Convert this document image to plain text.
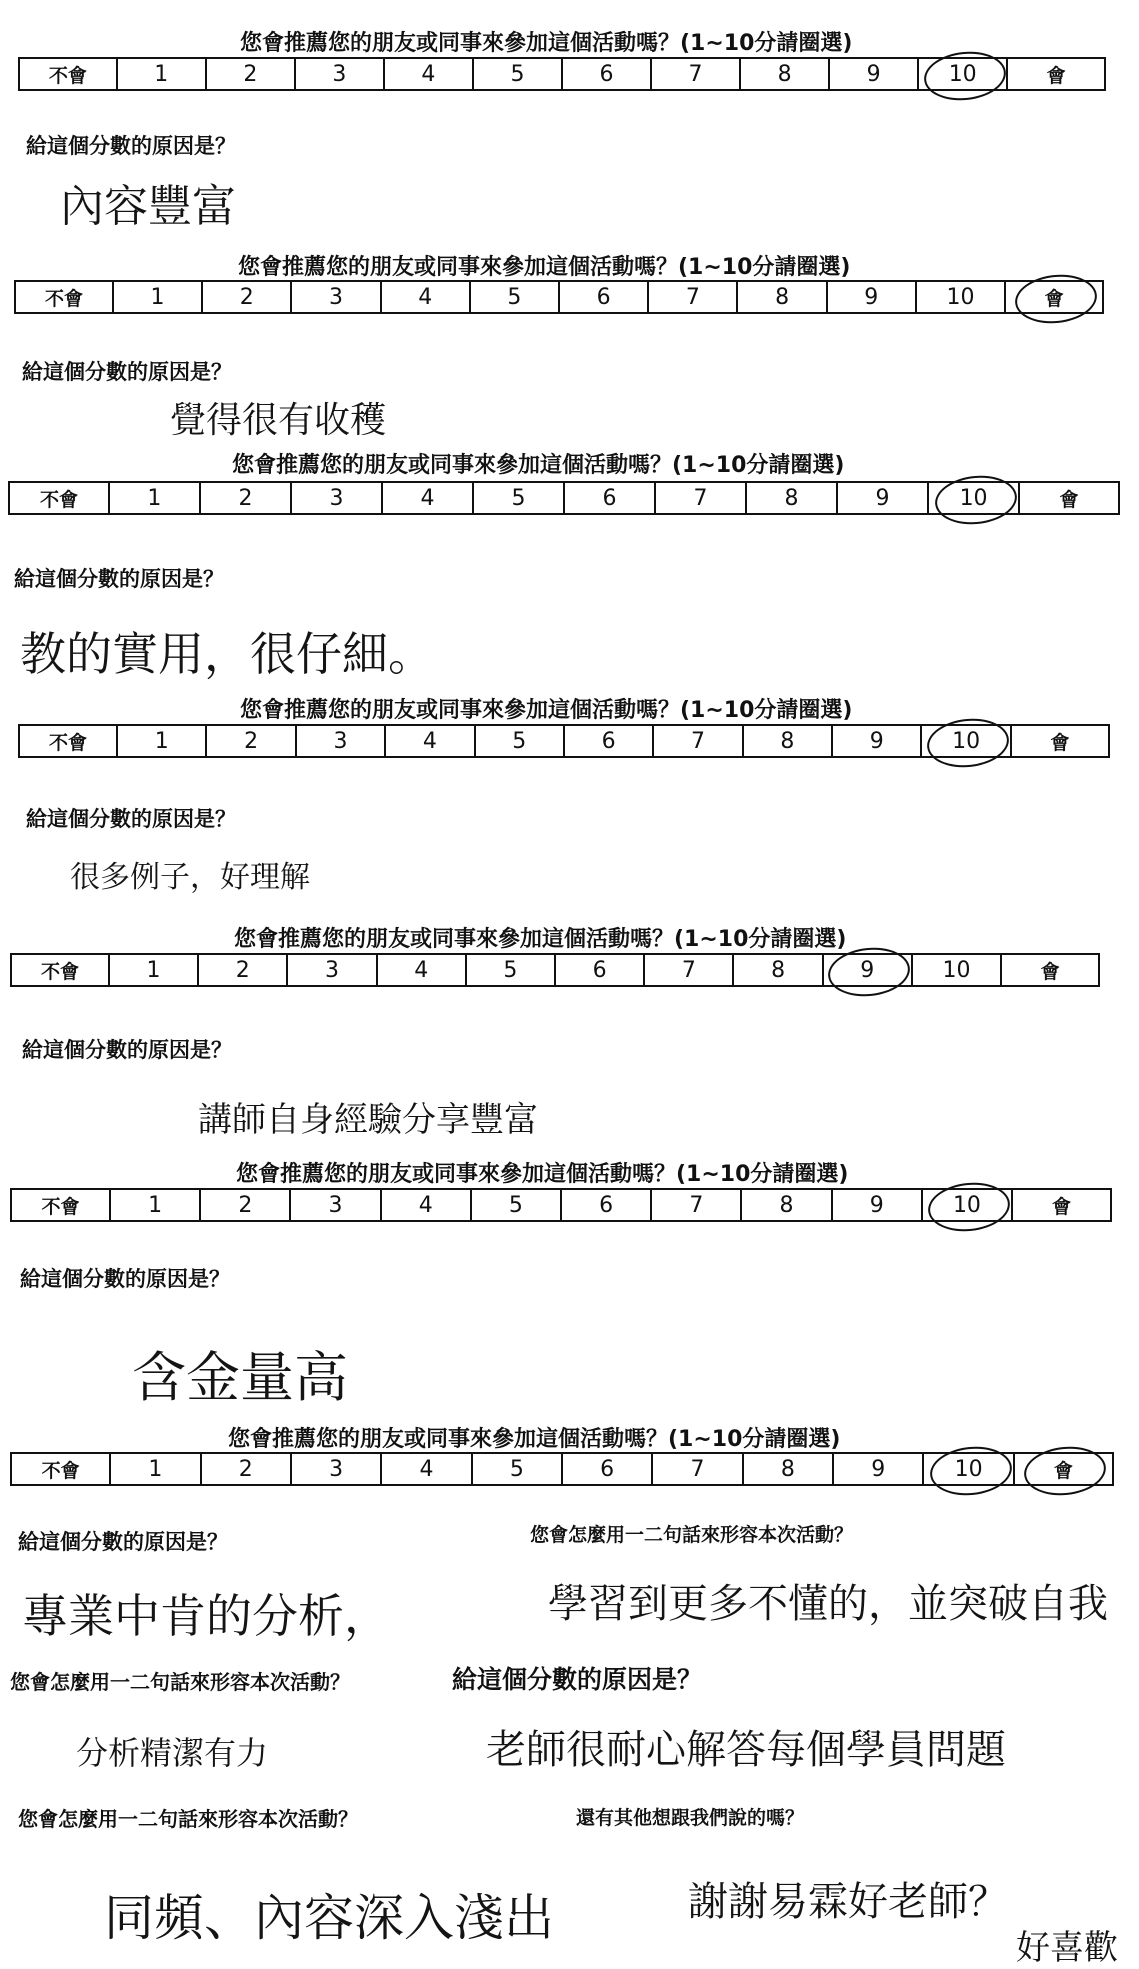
您會推薦您的朋友或同事來參加這個活動嗎？(1~10分請圈選)
不會	1	2	3	4	5	6	7	8	9	10	會
給這個分數的原因是？
內容豐富
您會推薦您的朋友或同事來參加這個活動嗎？(1~10分請圈選)
不會	1	2	3	4	5	6	7	8	9	10	會
給這個分數的原因是？
覺得很有收穫
您會推薦您的朋友或同事來參加這個活動嗎？(1~10分請圈選)
不會	1	2	3	4	5	6	7	8	9	10	會
給這個分數的原因是？
教的實用，很仔細。
您會推薦您的朋友或同事來參加這個活動嗎？(1~10分請圈選)
不會	1	2	3	4	5	6	7	8	9	10	會
給這個分數的原因是？
很多例子，好理解
您會推薦您的朋友或同事來參加這個活動嗎？(1~10分請圈選)
不會	1	2	3	4	5	6	7	8	9	10	會
給這個分數的原因是？
講師自身經驗分享豐富
您會推薦您的朋友或同事來參加這個活動嗎？(1~10分請圈選)
不會	1	2	3	4	5	6	7	8	9	10	會
給這個分數的原因是？
含金量高
您會推薦您的朋友或同事來參加這個活動嗎？(1~10分請圈選)
不會	1	2	3	4	5	6	7	8	9	10	會
給這個分數的原因是？	您會怎麼用一二句話來形容本次活動？
專業中肯的分析，	學習到更多不懂的，並突破自我
您會怎麼用一二句話來形容本次活動？	給這個分數的原因是？
分析精潔有力	老師很耐心解答每個學員問題
您會怎麼用一二句話來形容本次活動？	還有其他想跟我們說的嗎？
同頻、內容深入淺出	謝謝易霖好老師？
好喜歡
